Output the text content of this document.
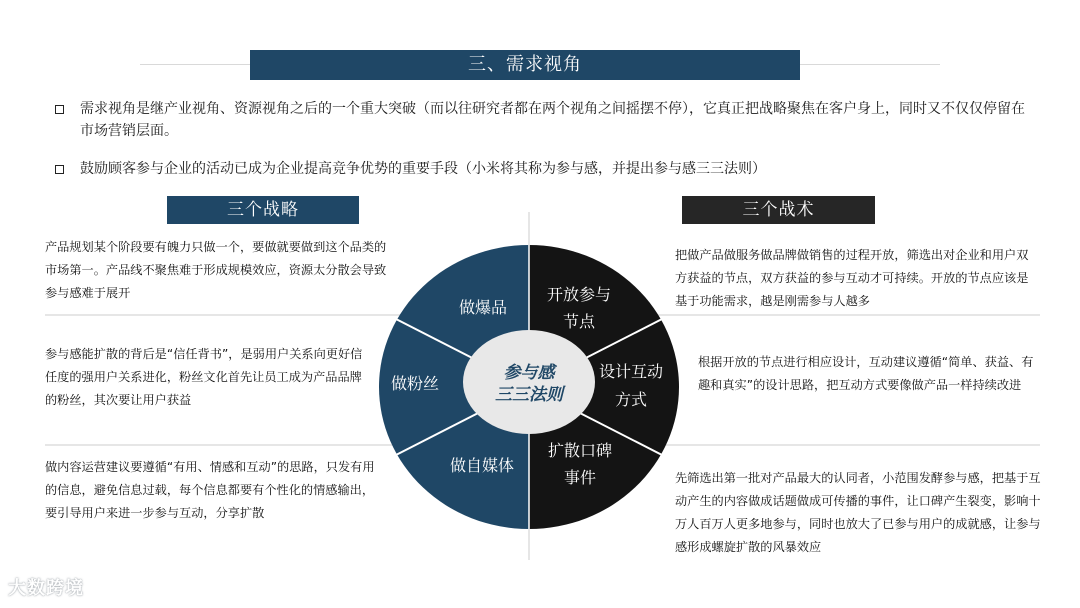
三、需求视角
需求视角是继产业视角、资源视角之后的一个重大突破（而以往研究者都在两个视角之间摇摆不停），它真正把战略聚焦在客户身上，同时又不仅仅停留在市场营销层面。
鼓励顾客参与企业的活动已成为企业提高竞争优势的重要手段（小米将其称为参与感，并提出参与感三三法则）
三个战略	三个战术
参与感
三三法则
做爆品
做粉丝
做自媒体
开放参与
节点
设计互动
方式
扩散口碑
事件
产品规划某个阶段要有魄力只做一个，要做就要做到这个品类的市场第一。产品线不聚焦难于形成规模效应，资源太分散会导致参与感难于展开
参与感能扩散的背后是“信任背书”，是弱用户关系向更好信任度的强用户关系进化，粉丝文化首先让员工成为产品品牌的粉丝，其次要让用户获益
做内容运营建议要遵循“有用、情感和互动”的思路，只发有用的信息，避免信息过载，每个信息都要有个性化的情感输出，要引导用户来进一步参与互动，分享扩散
把做产品做服务做品牌做销售的过程开放，筛选出对企业和用户双方获益的节点，双方获益的参与互动才可持续。开放的节点应该是基于功能需求，越是刚需参与人越多
根据开放的节点进行相应设计，互动建议遵循“简单、获益、有趣和真实”的设计思路，把互动方式要像做产品一样持续改进
先筛选出第一批对产品最大的认同者，小范围发酵参与感，把基于互动产生的内容做成话题做成可传播的事件，让口碑产生裂变，影响十万人百万人更多地参与，同时也放大了已参与用户的成就感，让参与感形成螺旋扩散的风暴效应
大数跨境
